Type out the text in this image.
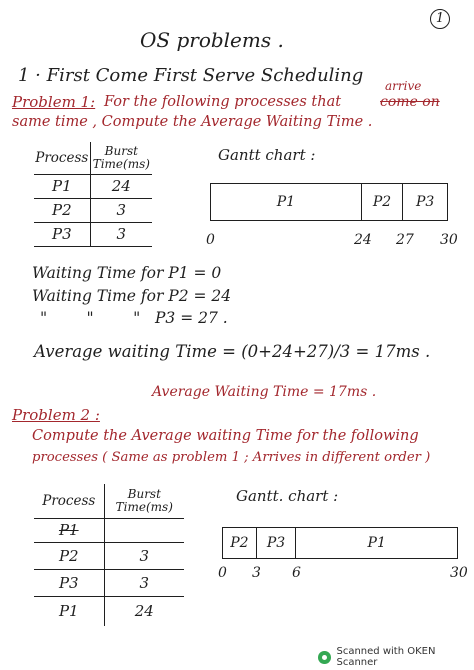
1
OS problems .
1 · First Come First Serve Scheduling
Problem 1: For the following processes that
arrive
come on
same time , Compute the Average Waiting Time .
Process	Burst Time(ms)
P1	24
P2	3
P3	3
Gantt chart :
P1	P2	P3
0	24 27 30
Waiting Time for P1 = 0
Waiting Time for P2 = 24
"        "        "   P3 = 27 .
Average waiting Time = (0+24+27)/3 = 17ms .
Average Waiting Time = 17ms .
Problem 2 :
Compute the Average waiting Time for the following
processes ( Same as problem 1 ; Arrives in different order )
Process	Burst Time(ms)
P1	
P2	3
P3	3
P1	24
Gantt. chart :
P2	P3	P1
0 3 6	30
Scanned with OKEN Scanner
